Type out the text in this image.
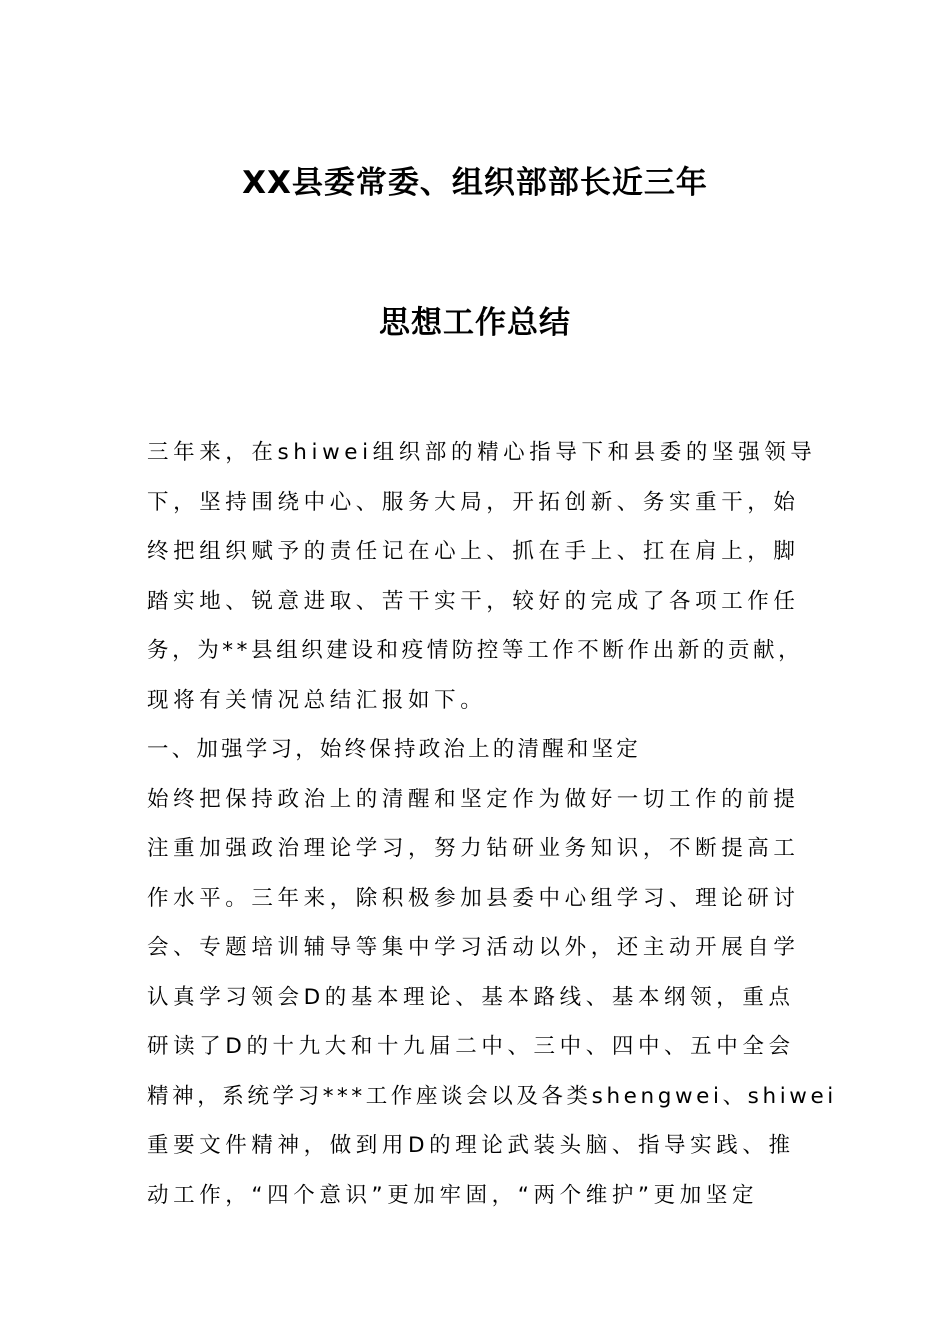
XX县委常委、组织部部长近三年
思想工作总结
三年来，在shiwei组织部的精心指导下和县委的坚强领导
下，坚持围绕中心、服务大局，开拓创新、务实重干，始
终把组织赋予的责任记在心上、抓在手上、扛在肩上，脚
踏实地、锐意进取、苦干实干，较好的完成了各项工作任
务，为**县组织建设和疫情防控等工作不断作出新的贡献，
现将有关情况总结汇报如下。
一、加强学习，始终保持政治上的清醒和坚定
始终把保持政治上的清醒和坚定作为做好一切工作的前提
注重加强政治理论学习，努力钻研业务知识，不断提高工
作水平。三年来，除积极参加县委中心组学习、理论研讨
会、专题培训辅导等集中学习活动以外，还主动开展自学
认真学习领会D的基本理论、基本路线、基本纲领，重点
研读了D的十九大和十九届二中、三中、四中、五中全会
精神，系统学习***工作座谈会以及各类shengwei、shiwei
重要文件精神，做到用D的理论武装头脑、指导实践、推
动工作，“四个意识”更加牢固，“两个维护”更加坚定
